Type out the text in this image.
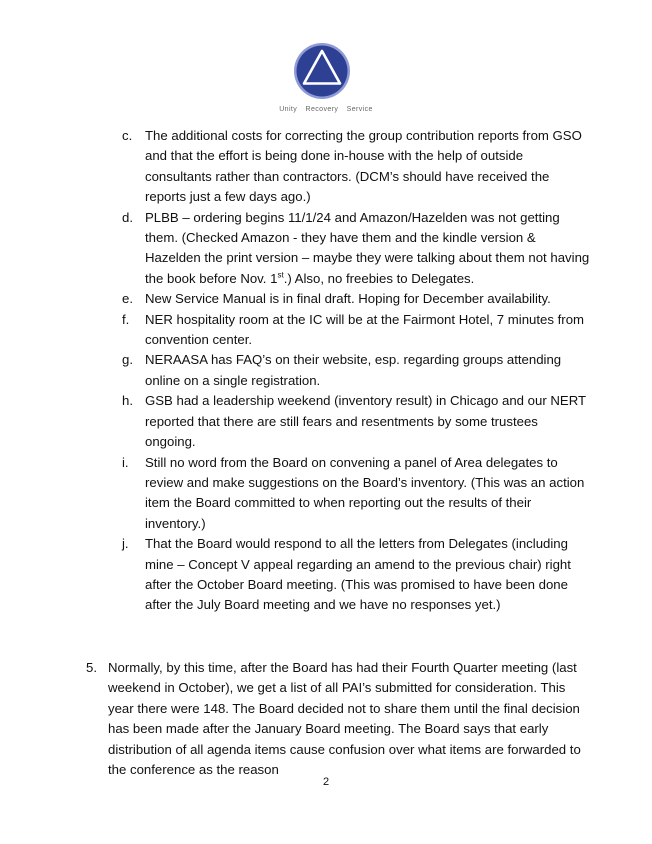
Unity Recovery Service
c. The additional costs for correcting the group contribution reports from GSO and that the effort is being done in-house with the help of outside consultants rather than contractors. (DCM’s should have received the reports just a few days ago.)
d. PLBB – ordering begins 11/1/24 and Amazon/Hazelden was not getting them. (Checked Amazon - they have them and the kindle version & Hazelden the print version – maybe they were talking about them not having the book before Nov. 1st.) Also, no freebies to Delegates.
e. New Service Manual is in final draft. Hoping for December availability.
f. NER hospitality room at the IC will be at the Fairmont Hotel, 7 minutes from convention center.
g. NERAASA has FAQ’s on their website, esp. regarding groups attending online on a single registration.
h. GSB had a leadership weekend (inventory result) in Chicago and our NERT reported that there are still fears and resentments by some trustees ongoing.
i. Still no word from the Board on convening a panel of Area delegates to review and make suggestions on the Board’s inventory. (This was an action item the Board committed to when reporting out the results of their inventory.)
j. That the Board would respond to all the letters from Delegates (including mine – Concept V appeal regarding an amend to the previous chair) right after the October Board meeting. (This was promised to have been done after the July Board meeting and we have no responses yet.)
5. Normally, by this time, after the Board has had their Fourth Quarter meeting (last weekend in October), we get a list of all PAI’s submitted for consideration. This year there were 148. The Board decided not to share them until the final decision has been made after the January Board meeting. The Board says that early distribution of all agenda items cause confusion over what items are forwarded to the conference as the reason
2
